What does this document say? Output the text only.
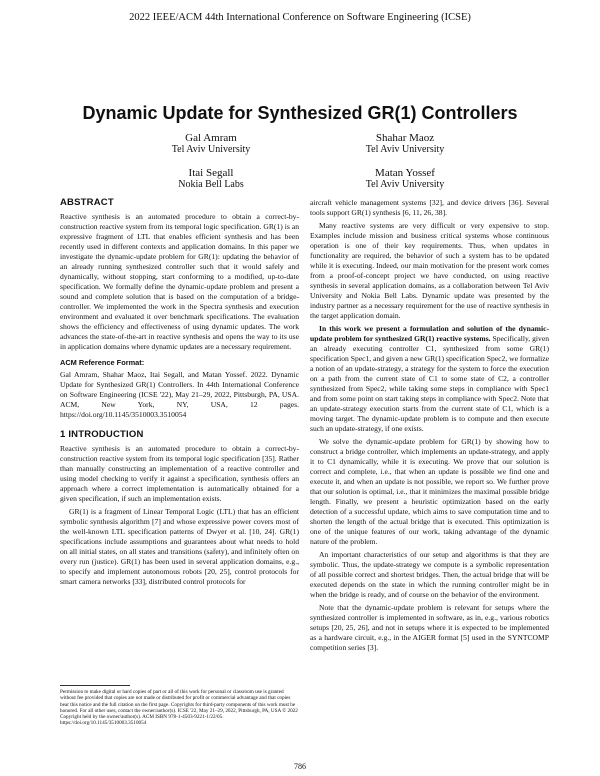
2022 IEEE/ACM 44th International Conference on Software Engineering (ICSE)
Dynamic Update for Synthesized GR(1) Controllers
Gal Amram
Tel Aviv University
Shahar Maoz
Tel Aviv University
Itai Segall
Nokia Bell Labs
Matan Yossef
Tel Aviv University
ABSTRACT

Reactive synthesis is an automated procedure to obtain a correct-by-construction reactive system from its temporal logic specification. GR(1) is an expressive fragment of LTL that enables efficient synthesis and has been recently used in different contexts and application domains. In this paper we investigate the dynamic-update problem for GR(1): updating the behavior of an already running synthesized controller such that it would safely and dynamically, without stopping, start conforming to a modified, up-to-date specification. We formally define the dynamic-update problem and present a sound and complete solution that is based on the computation of a bridge-controller. We implemented the work in the Spectra synthesis and execution environment and evaluated it over benchmark specifications. The evaluation shows the efficiency and effectiveness of using dynamic updates. The work advances the state-of-the-art in reactive synthesis and opens the way to its use in application domains where dynamic updates are a necessary requirement.

ACM Reference Format:

Gal Amram, Shahar Maoz, Itai Segall, and Matan Yossef. 2022. Dynamic Update for Synthesized GR(1) Controllers. In 44th International Conference on Software Engineering (ICSE '22), May 21–29, 2022, Pittsburgh, PA, USA. ACM, New York, NY, USA, 12 pages. https://doi.org/10.1145/3510003.3510054

1 INTRODUCTION

Reactive synthesis is an automated procedure to obtain a correct-by-construction reactive system from its temporal logic specification [35]. Rather than manually constructing an implementation of a reactive controller and using model checking to verify it against a specification, synthesis offers an approach where a correct implementation is automatically obtained for a given specification, if such an implementation exists.

GR(1) is a fragment of Linear Temporal Logic (LTL) that has an efficient symbolic synthesis algorithm [7] and whose expressive power covers most of the well-known LTL specification patterns of Dwyer et al. [10, 24]. GR(1) specifications include assumptions and guarantees about what needs to hold on all initial states, on all states and transitions (safety), and infinitely often on every run (justice). GR(1) has been used in several application domains, e.g., to specify and implement autonomous robots [20, 25], control protocols for smart camera networks [33], distributed control protocols for

Permission to make digital or hard copies of part or all of this work for personal or classroom use is granted without fee provided that copies are not made or distributed for profit or commercial advantage and that copies bear this notice and the full citation on the first page. Copyrights for third-party components of this work must be honored. For all other uses, contact the owner/author(s). ICSE '22, May 21–29, 2022, Pittsburgh, PA, USA © 2022 Copyright held by the owner/author(s). ACM ISBN 978-1-4503-9221-1/22/05. https://doi.org/10.1145/3510003.3510054

aircraft vehicle management systems [32], and device drivers [36]. Several tools support GR(1) synthesis [6, 11, 26, 38].

Many reactive systems are very difficult or very expensive to stop. Examples include mission and business critical systems whose continuous operation is one of their key requirements. Thus, when updates in functionality are required, the behavior of such a system has to be updated while it is executing. Indeed, our main motivation for the present work comes from a proof-of-concept project we have conducted, on using reactive synthesis in several application domains, as a collaboration between Tel Aviv University and Nokia Bell Labs. Dynamic update was presented by the industry partner as a necessary requirement for the use of reactive synthesis in the target application domain.

In this work we present a formulation and solution of the dynamic-update problem for synthesized GR(1) reactive systems. Specifically, given an already executing controller C1, synthesized from some GR(1) specification Spec1, and given a new GR(1) specification Spec2, we formalize a notion of an update-strategy, a strategy for the system to force the execution on a path from the current state of C1 to some state of C2, a controller synthesized from Spec2, while taking some steps in compliance with Spec1 and from some point on start taking steps in compliance with Spec2. Note that an update-strategy execution starts from the current state of C1, which is a moving target. The dynamic-update problem is to compute and then execute such an update-strategy, if one exists.

We solve the dynamic-update problem for GR(1) by showing how to construct a bridge controller, which implements an update-strategy, and apply it to C1 dynamically, while it is executing. We prove that our solution is correct and complete, i.e., that when an update is possible we find one and execute it, and when an update is not possible, we report so. We further prove that our solution is optimal, i.e., that it minimizes the maximal possible bridge length. Finally, we present a heuristic optimization based on the early detection of a successful update, which aims to save computation time and to shorten the length of the actual bridge that is executed. This optimization is one of the unique features of our work, taking advantage of the dynamic nature of the problem.

An important characteristics of our setup and algorithms is that they are symbolic. Thus, the update-strategy we compute is a symbolic representation of all possible correct and shortest bridges. Then, the actual bridge that will be executed depends on the state in which the running controller might be in when the bridge is ready, and of course on the behavior of the environment.

Note that the dynamic-update problem is relevant for setups where the synthesized controller is implemented in software, as in, e.g., various robotics setups [20, 25, 26], and not in setups where it is expected to be implemented as a hardware circuit, e.g., in the AIGER format [5] used in the SYNTCOMP competition series [3].

786
